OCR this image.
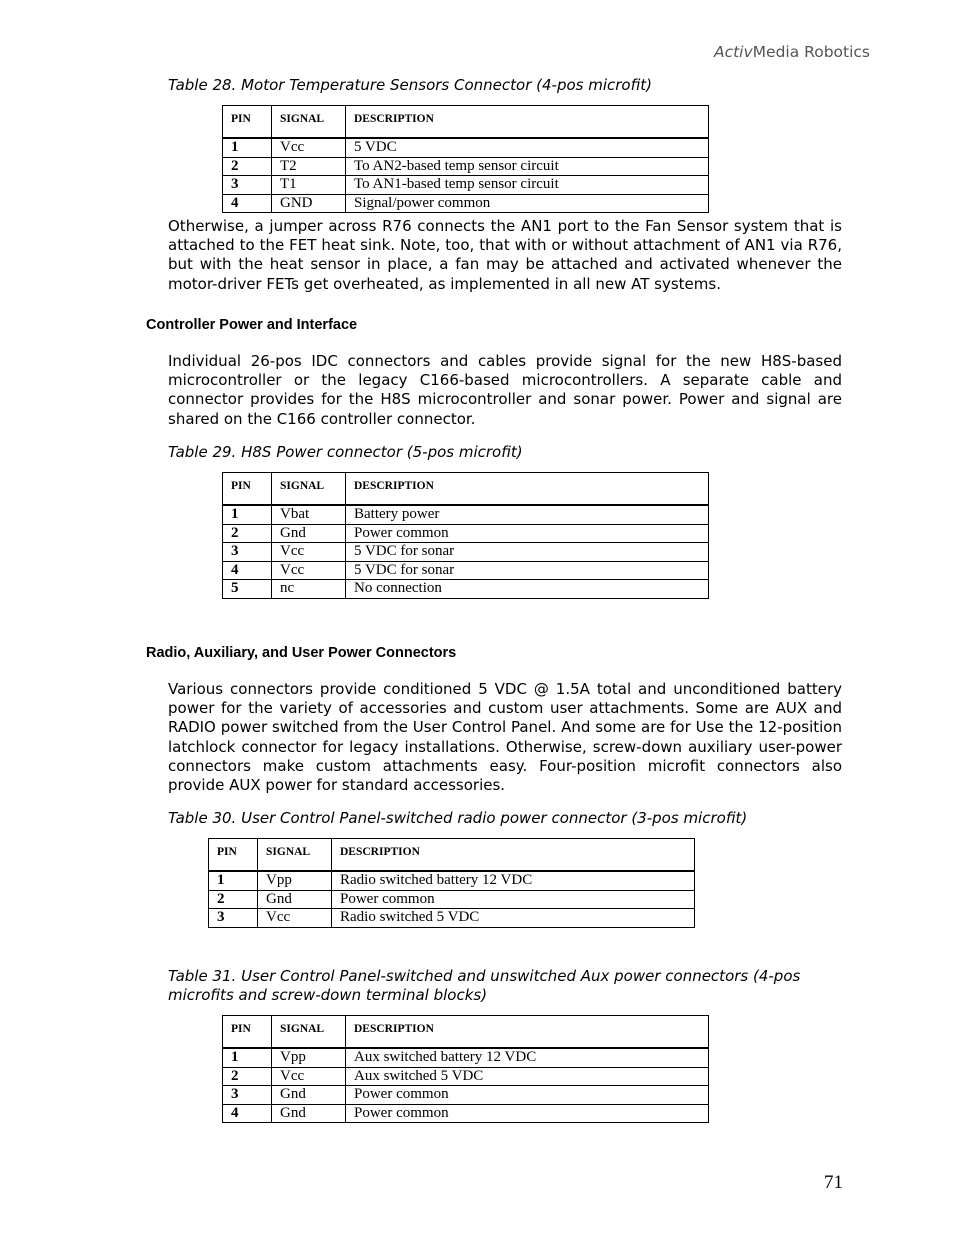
ActivMedia Robotics
Table 28. Motor Temperature Sensors Connector (4-pos microfit)
PIN	SIGNAL	DESCRIPTION
1	Vcc	5 VDC
2	T2	To AN2-based temp sensor circuit
3	T1	To AN1-based temp sensor circuit
4	GND	Signal/power common
Otherwise, a jumper across R76 connects the AN1 port to the Fan Sensor system that is attached to the FET heat sink. Note, too, that with or without attachment of AN1 via R76, but with the heat sensor in place, a fan may be attached and activated whenever the motor-driver FETs get overheated, as implemented in all new AT systems.
Controller Power and Interface
Individual 26-pos IDC connectors and cables provide signal for the new H8S-based microcontroller or the legacy C166-based microcontrollers. A separate cable and connector provides for the H8S microcontroller and sonar power. Power and signal are shared on the C166 controller connector.
Table 29. H8S Power connector (5-pos microfit)
PIN	SIGNAL	DESCRIPTION
1	Vbat	Battery power
2	Gnd	Power common
3	Vcc	5 VDC for sonar
4	Vcc	5 VDC for sonar
5	nc	No connection
Radio, Auxiliary, and User Power Connectors
Various connectors provide conditioned 5 VDC @ 1.5A total and unconditioned battery power for the variety of accessories and custom user attachments. Some are AUX and RADIO power switched from the User Control Panel. And some are for Use the 12-position latchlock connector for legacy installations. Otherwise, screw-down auxiliary user-power connectors make custom attachments easy. Four-position microfit connectors also provide AUX power for standard accessories.
Table 30. User Control Panel-switched radio power connector (3-pos microfit)
PIN	SIGNAL	DESCRIPTION
1	Vpp	Radio switched battery 12 VDC
2	Gnd	Power common
3	Vcc	Radio switched 5 VDC
Table 31. User Control Panel-switched and unswitched Aux power connectors (4-pos microfits and screw-down terminal blocks)
PIN	SIGNAL	DESCRIPTION
1	Vpp	Aux switched battery 12 VDC
2	Vcc	Aux switched 5 VDC
3	Gnd	Power common
4	Gnd	Power common
71
